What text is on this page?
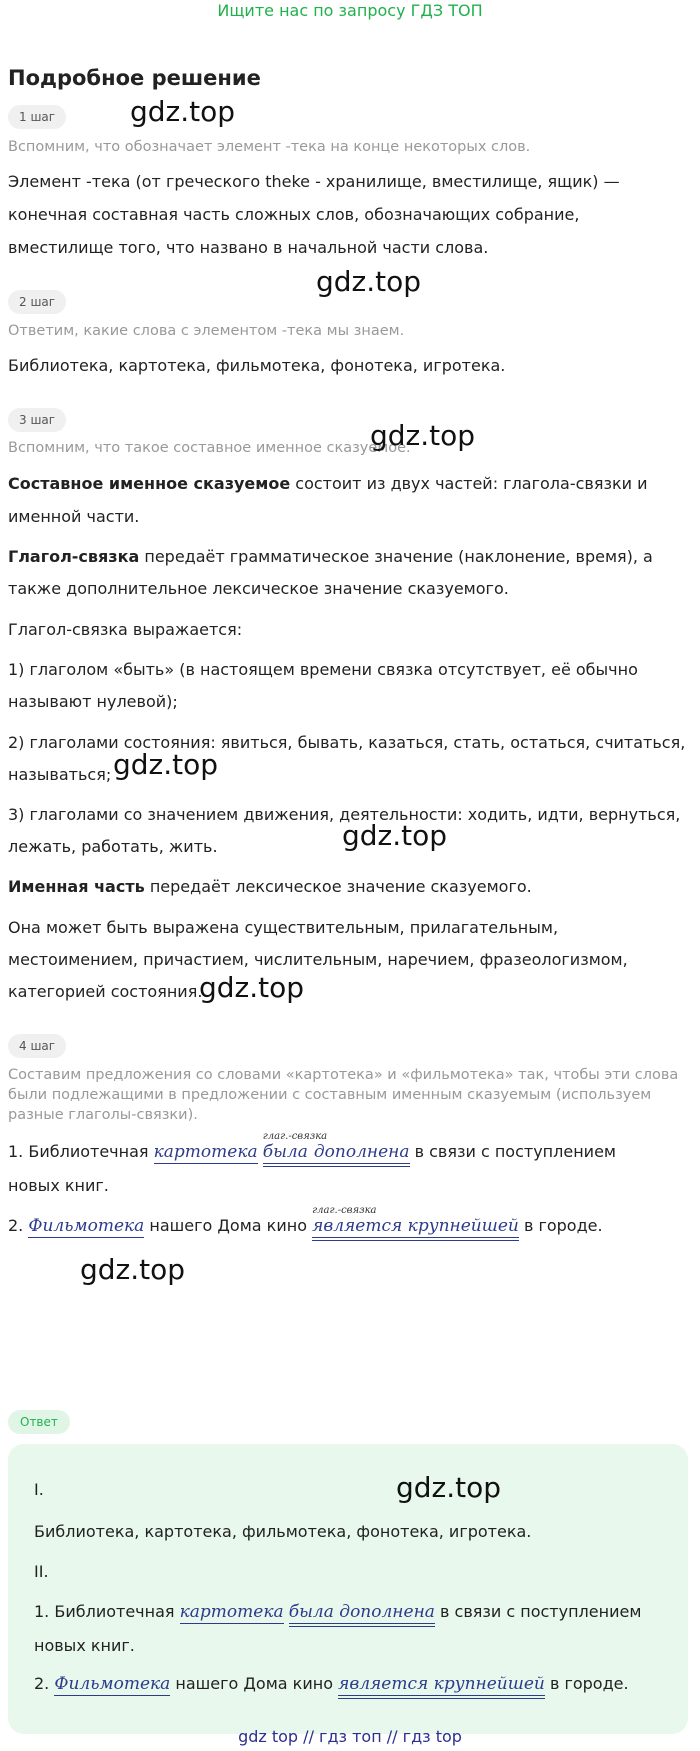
Ищите нас по запросу ГДЗ ТОП
Подробное решение
1 шаг	gdz.top
Вспомним, что обозначает элемент -тека на конце некоторых слов.
Элемент -тека (от греческого theke - хранилище, вместилище, ящик) —
конечная составная часть сложных слов, обозначающих собрание,
вместилище того, что названо в начальной части слова.
gdz.top
2 шаг
Ответим, какие слова с элементом -тека мы знаем.
Библиотека, картотека, фильмотека, фонотека, игротека.
3 шаг
Вспомним, что такое составное именное сказуемое.
gdz.top
Составное именное сказуемое состоит из двух частей: глагола-связки и
именной части.
Глагол-связка передаёт грамматическое значение (наклонение, время), а
также дополнительное лексическое значение сказуемого.
Глагол-связка выражается:
1) глаголом «быть» (в настоящем времени связка отсутствует, её обычно
называют нулевой);
2) глаголами состояния: явиться, бывать, казаться, стать, остаться, считаться,
называться; gdz.top
3) глаголами со значением движения, деятельности: ходить, идти, вернуться,
лежать, работать, жить.	gdz.top
Именная часть передаёт лексическое значение сказуемого.
Она может быть выражена существительным, прилагательным,
местоимением, причастием, числительным, наречием, фразеологизмом,
категорией состояния.
gdz.top
4 шаг
Составим предложения со словами «картотека» и «фильмотека» так, чтобы эти слова
были подлежащими в предложении с составным именным сказуемым (используем
разные глаголы-связки).
1. Библиотечная картотека
глаг.-связка
была дополнена в связи с поступлением
новых книг.
2. Фильмотека нашего Дома кино
глаг.-связка
является крупнейшей в городе.
Ответ
gdz.top
gdz.top
I.
Библиотека, картотека, фильмотека, фонотека, игротека.
II.
1. Библиотечная картотека была дополнена в связи с поступлением
новых книг.
2. Фильмотека нашего Дома кино является крупнейшей в городе.
gdz top // гдз топ // гдз top
